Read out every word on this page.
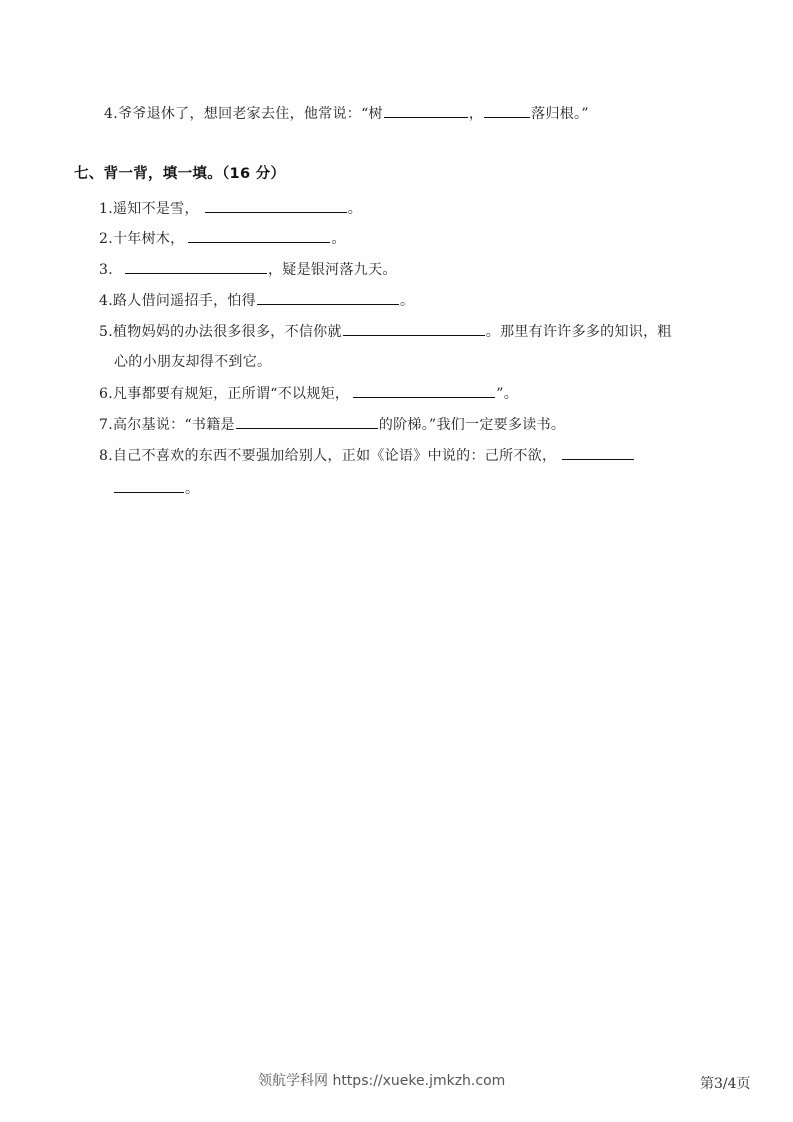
4.爷爷退休了，想回老家去住，他常说：“树	，	落归根。”
七、背一背，填一填。（16 分）
1.遥知不是雪，	。
2.十年树木，	。
3.	，疑是银河落九天。
4.路人借问遥招手，怕得	。
5.植物妈妈的办法很多很多，不信你就	。那里有许许多多的知识，粗
心的小朋友却得不到它。
6.凡事都要有规矩，正所谓“不以规矩，	”。
7.高尔基说：“书籍是	的阶梯。”我们一定要多读书。
8.自己不喜欢的东西不要强加给别人，正如《论语》中说的：己所不欲，
。
领航学科网 https://xueke.jmkzh.com	第3/4页
